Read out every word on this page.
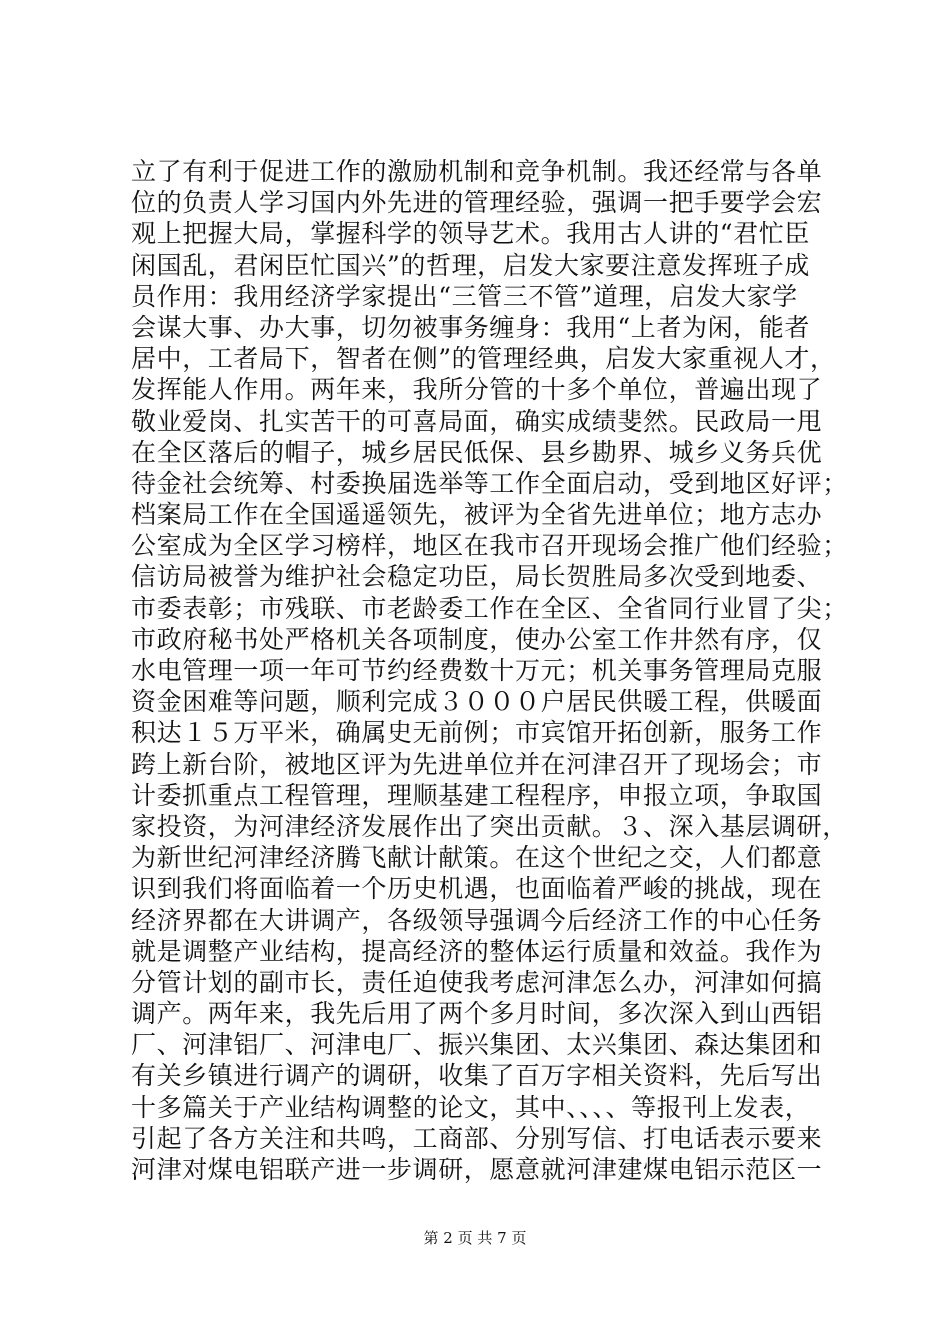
立了有利于促进工作的激励机制和竞争机制。我还经常与各单
位的负责人学习国内外先进的管理经验，强调一把手要学会宏
观上把握大局，掌握科学的领导艺术。我用古人讲的“君忙臣
闲国乱，君闲臣忙国兴”的哲理，启发大家要注意发挥班子成
员作用：我用经济学家提出“三管三不管”道理，启发大家学
会谋大事、办大事，切勿被事务缠身：我用“上者为闲，能者
居中，工者局下，智者在侧”的管理经典，启发大家重视人才，
发挥能人作用。两年来，我所分管的十多个单位，普遍出现了
敬业爱岗、扎实苦干的可喜局面，确实成绩斐然。民政局一甩
在全区落后的帽子，城乡居民低保、县乡勘界、城乡义务兵优
待金社会统筹、村委换届选举等工作全面启动，受到地区好评；
档案局工作在全国遥遥领先，被评为全省先进单位；地方志办
公室成为全区学习榜样，地区在我市召开现场会推广他们经验；
信访局被誉为维护社会稳定功臣，局长贺胜局多次受到地委、
市委表彰；市残联、市老龄委工作在全区、全省同行业冒了尖；
市政府秘书处严格机关各项制度，使办公室工作井然有序，仅
水电管理一项一年可节约经费数十万元；机关事务管理局克服
资金困难等问题，顺利完成３０００户居民供暖工程，供暖面
积达１５万平米，确属史无前例；市宾馆开拓创新，服务工作
跨上新台阶，被地区评为先进单位并在河津召开了现场会；市
计委抓重点工程管理，理顺基建工程程序，申报立项，争取国
家投资，为河津经济发展作出了突出贡献。３、深入基层调研，
为新世纪河津经济腾飞献计献策。在这个世纪之交，人们都意
识到我们将面临着一个历史机遇，也面临着严峻的挑战，现在
经济界都在大讲调产，各级领导强调今后经济工作的中心任务
就是调整产业结构，提高经济的整体运行质量和效益。我作为
分管计划的副市长，责任迫使我考虑河津怎么办，河津如何搞
调产。两年来，我先后用了两个多月时间，多次深入到山西铝
厂、河津铝厂、河津电厂、振兴集团、太兴集团、森达集团和
有关乡镇进行调产的调研，收集了百万字相关资料，先后写出
十多篇关于产业结构调整的论文，其中、、、、等报刊上发表，
引起了各方关注和共鸣，工商部、分别写信、打电话表示要来
河津对煤电铝联产进一步调研，愿意就河津建煤电铝示范区一
第 2 页 共 7 页
